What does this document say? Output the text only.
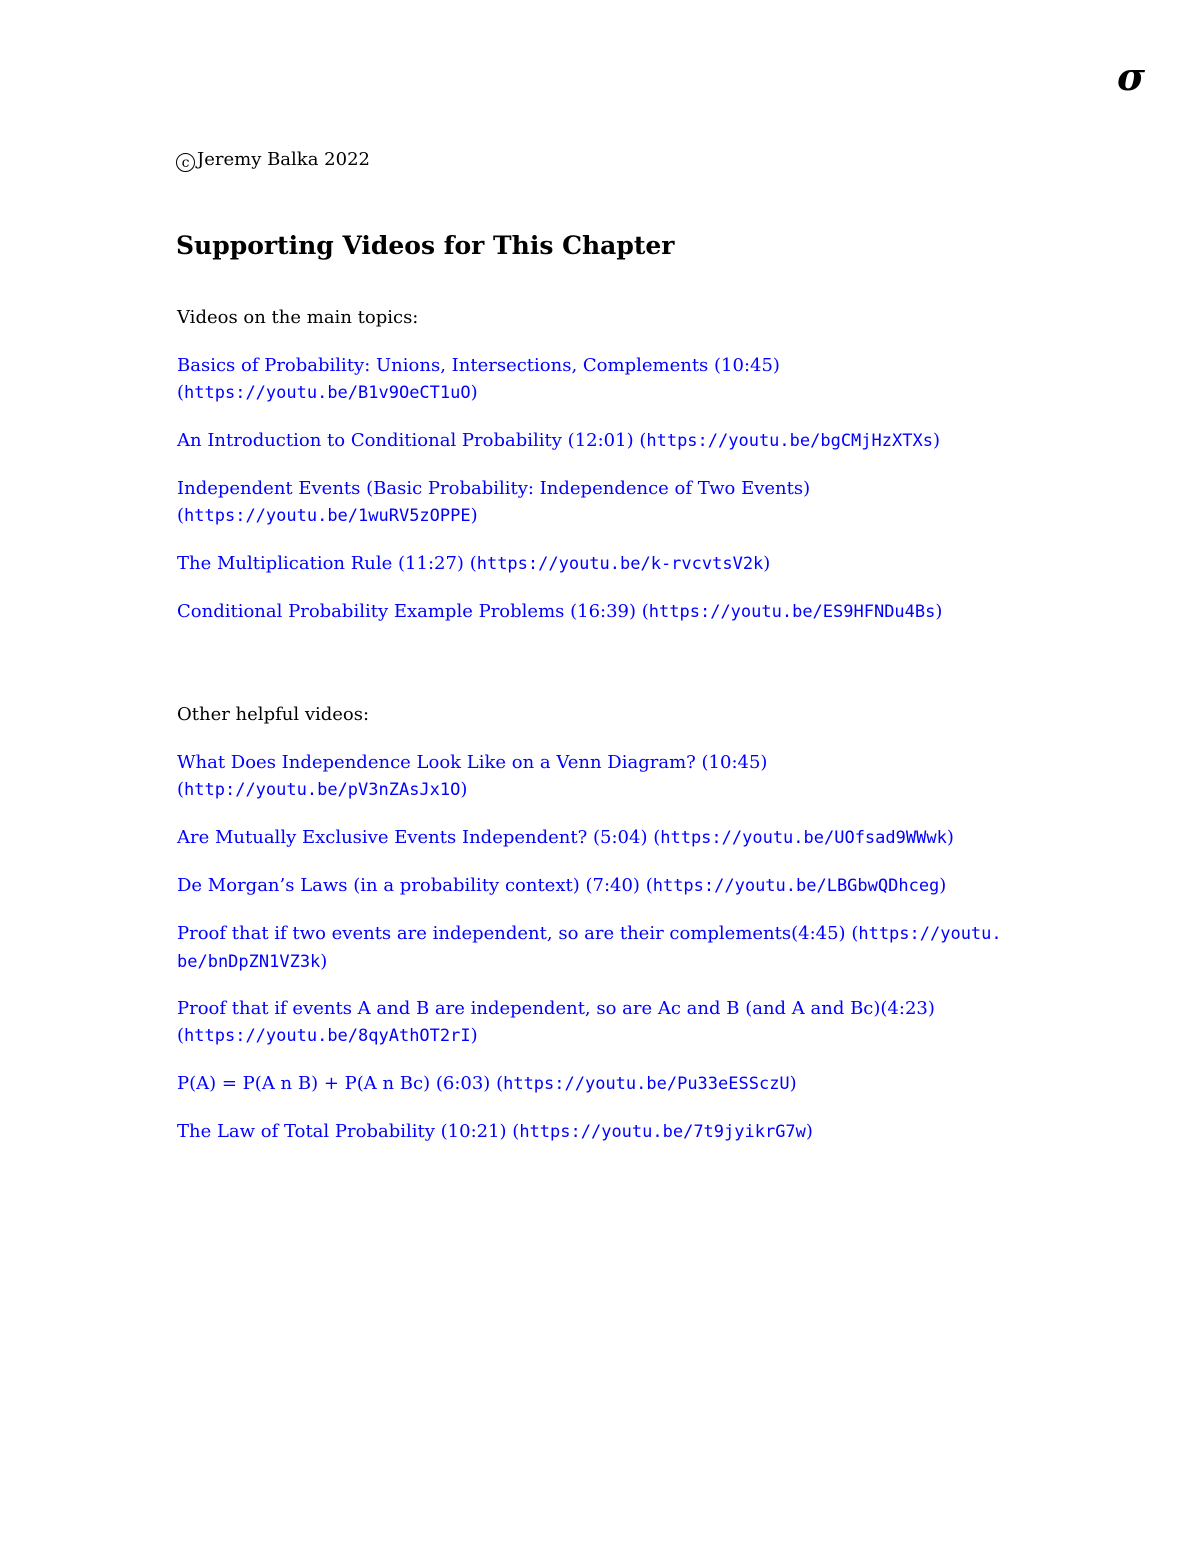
σ
c Jeremy Balka 2022
Supporting Videos for This Chapter
Videos on the main topics:
Basics of Probability: Unions, Intersections, Complements (10:45)
(https://youtu.be/B1v9OeCT1uO)
An Introduction to Conditional Probability (12:01) (https://youtu.be/bgCMjHzXTXs)
Independent Events (Basic Probability: Independence of Two Events)
(https://youtu.be/1wuRV5zOPPE)
The Multiplication Rule (11:27) (https://youtu.be/k-rvcvtsV2k)
Conditional Probability Example Problems (16:39) (https://youtu.be/ES9HFNDu4Bs)
Other helpful videos:
What Does Independence Look Like on a Venn Diagram? (10:45)
(http://youtu.be/pV3nZAsJx1O)
Are Mutually Exclusive Events Independent? (5:04) (https://youtu.be/UOfsad9WWwk)
De Morgan’s Laws (in a probability context) (7:40) (https://youtu.be/LBGbwQDhceg)
Proof that if two events are independent, so are their complements(4:45) (https://youtu.
be/bnDpZN1VZ3k)
Proof that if events A and B are independent, so are Ac and B (and A and Bc)(4:23)
(https://youtu.be/8qyAthOT2rI)
P(A) = P(A n B) + P(A n Bc) (6:03) (https://youtu.be/Pu33eESSczU)
The Law of Total Probability (10:21) (https://youtu.be/7t9jyikrG7w)
